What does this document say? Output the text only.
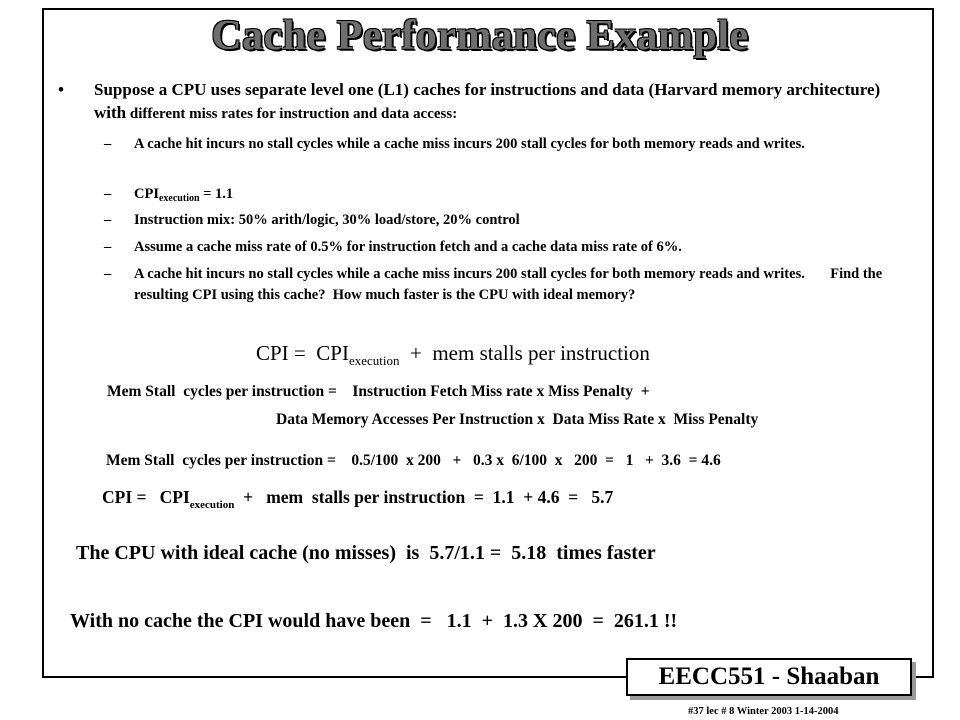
Cache Performance Example
• Suppose a CPU uses separate level one (L1) caches for instructions and data (Harvard memory architecture) with different miss rates for instruction and data access:
– A cache hit incurs no stall cycles while a cache miss incurs 200 stall cycles for both memory reads and writes.
– $CPI_{execution} = 1.1$
– Instruction mix: 50% arith/logic, 30% load/store, 20% control
– Assume a cache miss rate of 0.5% for instruction fetch and a cache data miss rate of 6%.
– A cache hit incurs no stall cycles while a cache miss incurs 200 stall cycles for both memory reads and writes.       Find the resulting CPI using this cache?  How much faster is the CPU with ideal memory?
CPI =  $CPI_{execution}$  +  mem stalls per instruction
Mem Stall  cycles per instruction =    Instruction Fetch Miss rate x Miss Penalty  +
Data Memory Accesses Per Instruction x  Data Miss Rate x  Miss Penalty
Mem Stall  cycles per instruction =    0.5/100  x 200   +   0.3 x  6/100  x   200  =   1   +  3.6  = 4.6
CPI =   $CPI_{execution}$  +   mem  stalls per instruction  =  1.1  + 4.6  =   5.7
The CPU with ideal cache (no misses)  is  5.7/1.1 =  5.18  times faster
With no cache the CPI would have been  =   1.1  +  1.3 X 200  =  261.1 !!
EECC551 - Shaaban
#37 lec # 8 Winter 2003 1-14-2004
